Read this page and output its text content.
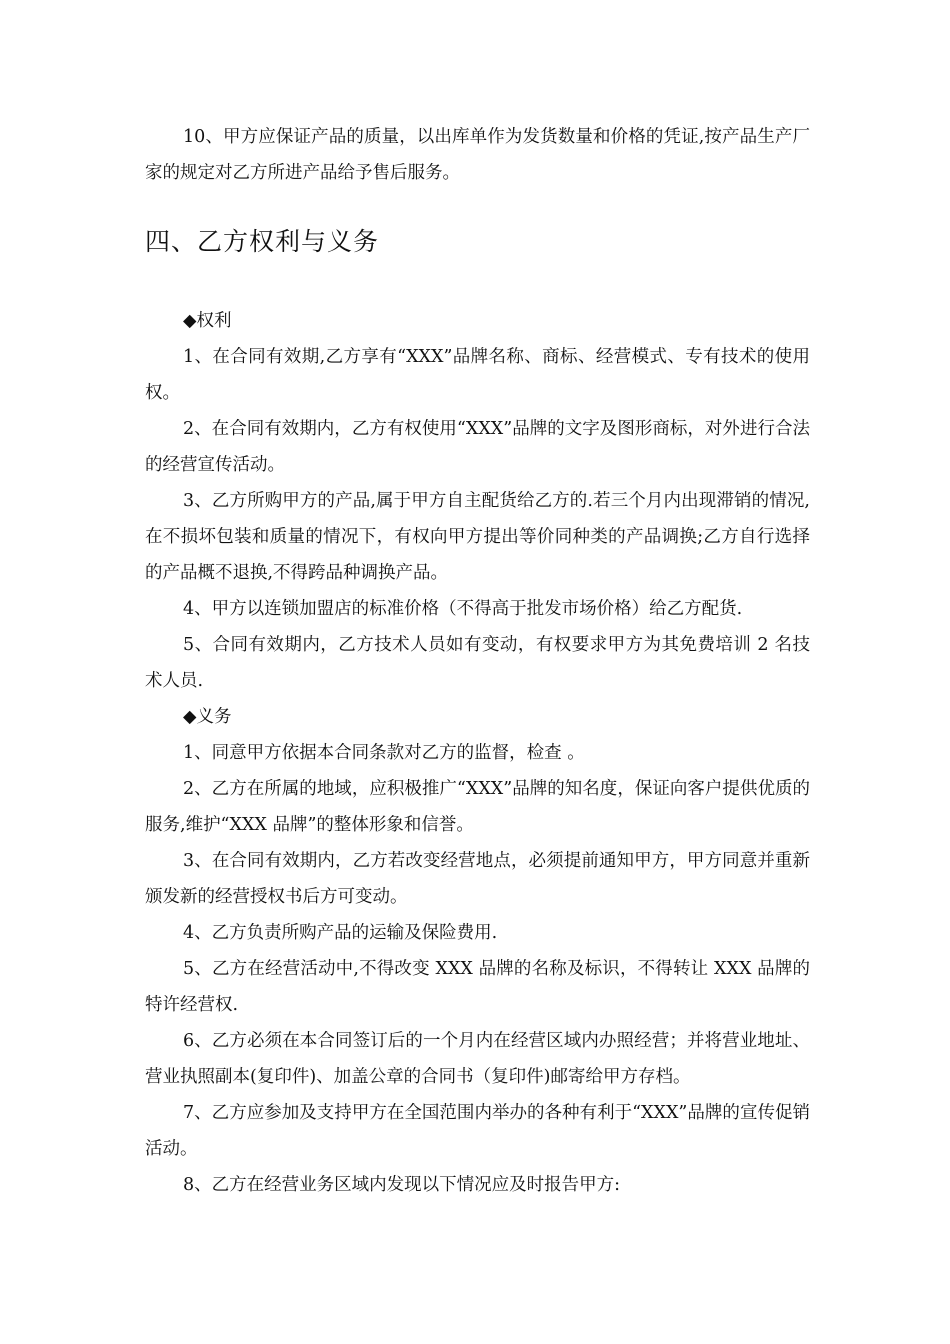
10、甲方应保证产品的质量，以出库单作为发货数量和价格的凭证,按产品生产厂家的规定对乙方所进产品给予售后服务。

四、乙方权利与义务

◆权利

1、在合同有效期,乙方享有“XXX”品牌名称、商标、经营模式、专有技术的使用权。

2、在合同有效期内，乙方有权使用“XXX”品牌的文字及图形商标，对外进行合法的经营宣传活动。

3、乙方所购甲方的产品,属于甲方自主配货给乙方的.若三个月内出现滞销的情况,在不损坏包装和质量的情况下，有权向甲方提出等价同种类的产品调换;乙方自行选择的产品概不退换,不得跨品种调换产品。

4、甲方以连锁加盟店的标准价格（不得高于批发市场价格）给乙方配货.

5、合同有效期内，乙方技术人员如有变动，有权要求甲方为其免费培训 2 名技术人员.

◆义务

1、同意甲方依据本合同条款对乙方的监督，检查 。

2、乙方在所属的地域，应积极推广“XXX”品牌的知名度，保证向客户提供优质的服务,维护“XXX 品牌”的整体形象和信誉。

3、在合同有效期内，乙方若改变经营地点，必须提前通知甲方，甲方同意并重新颁发新的经营授权书后方可变动。

4、乙方负责所购产品的运输及保险费用.

5、乙方在经营活动中,不得改变 XXX 品牌的名称及标识，不得转让 XXX 品牌的特许经营权.

6、乙方必须在本合同签订后的一个月内在经营区域内办照经营；并将营业地址、营业执照副本(复印件)、加盖公章的合同书（复印件)邮寄给甲方存档。

7、乙方应参加及支持甲方在全国范围内举办的各种有利于“XXX”品牌的宣传促销活动。

8、乙方在经营业务区域内发现以下情况应及时报告甲方:
